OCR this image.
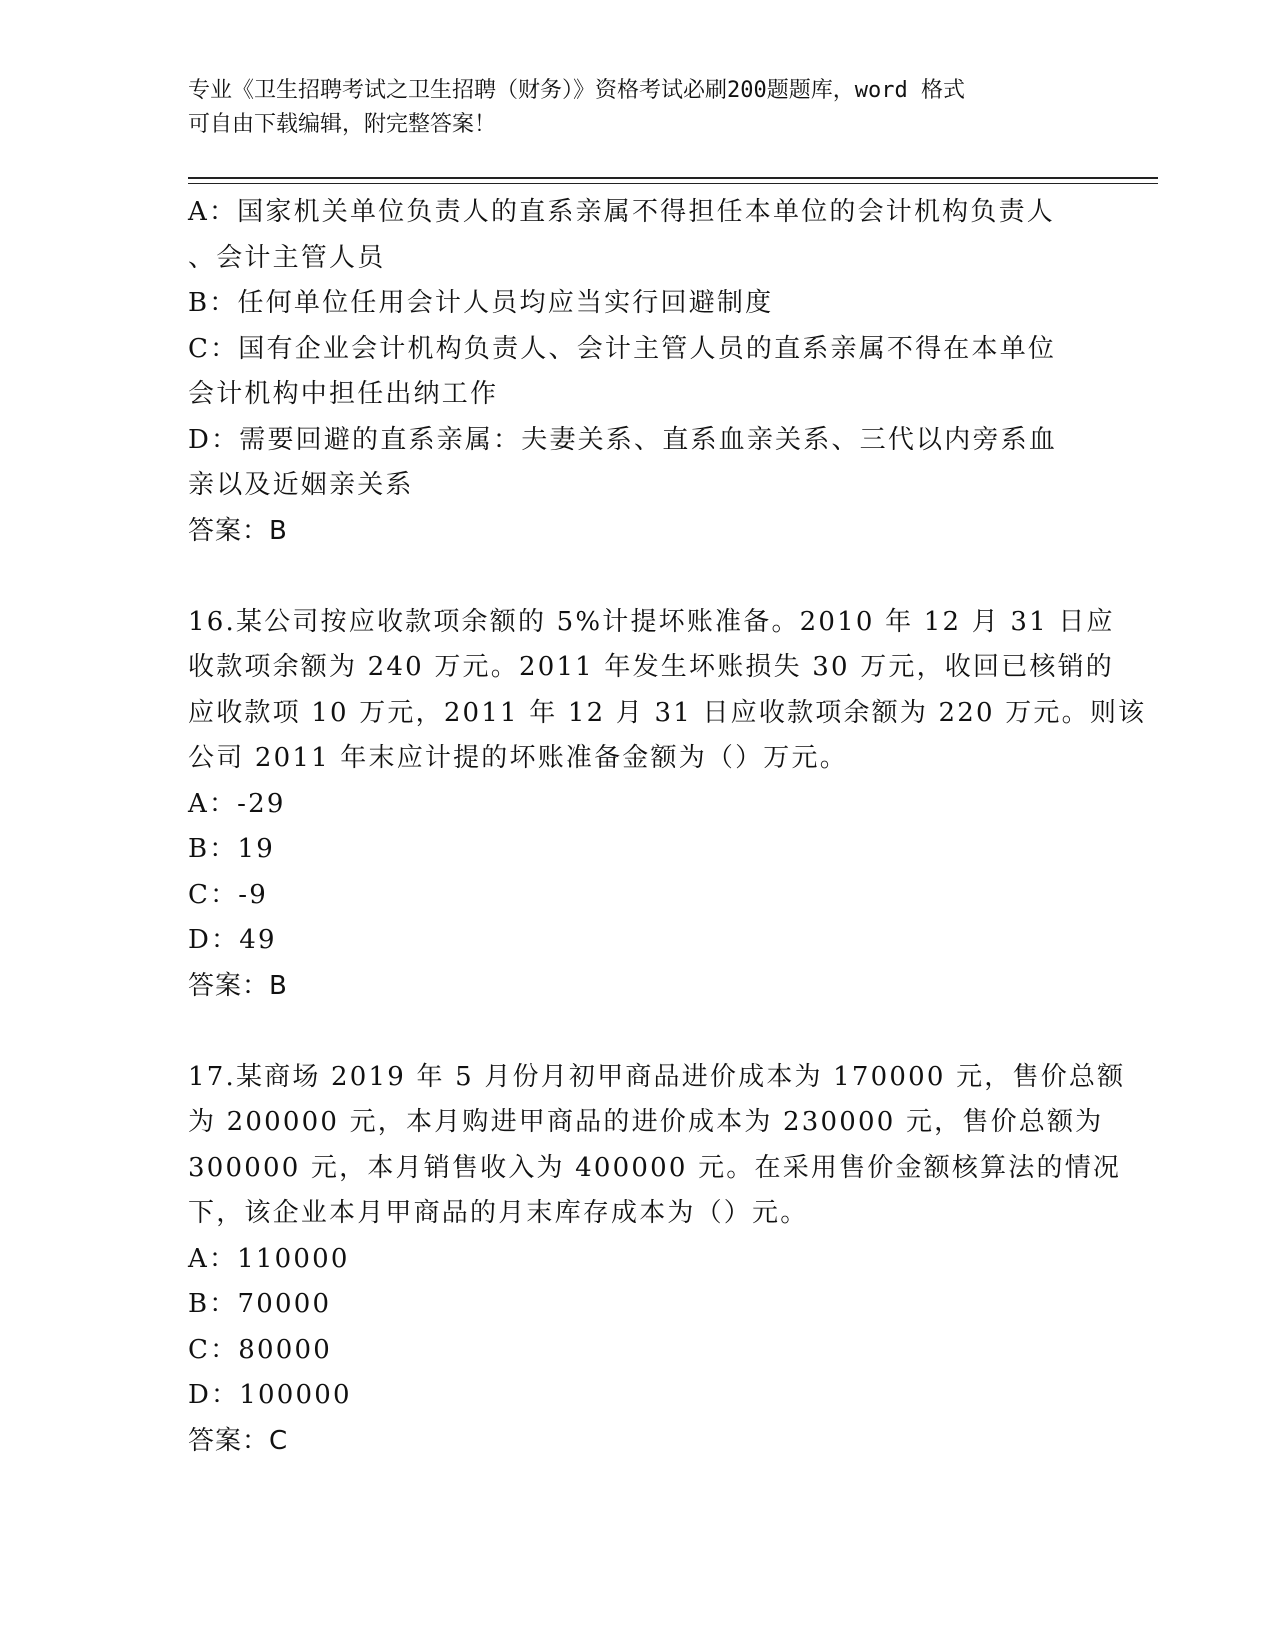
专业《卫生招聘考试之卫生招聘（财务）》资格考试必刷200题题库，word 格式
可自由下载编辑，附完整答案！
A：国家机关单位负责人的直系亲属不得担任本单位的会计机构负责人
、会计主管人员
B：任何单位任用会计人员均应当实行回避制度
C：国有企业会计机构负责人、会计主管人员的直系亲属不得在本单位
会计机构中担任出纳工作
D：需要回避的直系亲属：夫妻关系、直系血亲关系、三代以内旁系血
亲以及近姻亲关系
答案：B
16.某公司按应收款项余额的 5%计提坏账准备。2010 年 12 月 31 日应
收款项余额为 240 万元。2011 年发生坏账损失 30 万元，收回已核销的
应收款项 10 万元，2011 年 12 月 31 日应收款项余额为 220 万元。则该
公司 2011 年末应计提的坏账准备金额为（）万元。
A：-29
B：19
C：-9
D：49
答案：B
17.某商场 2019 年 5 月份月初甲商品进价成本为 170000 元，售价总额
为 200000 元，本月购进甲商品的进价成本为 230000 元，售价总额为
300000 元，本月销售收入为 400000 元。在采用售价金额核算法的情况
下，该企业本月甲商品的月末库存成本为（）元。
A：110000
B：70000
C：80000
D：100000
答案：C
